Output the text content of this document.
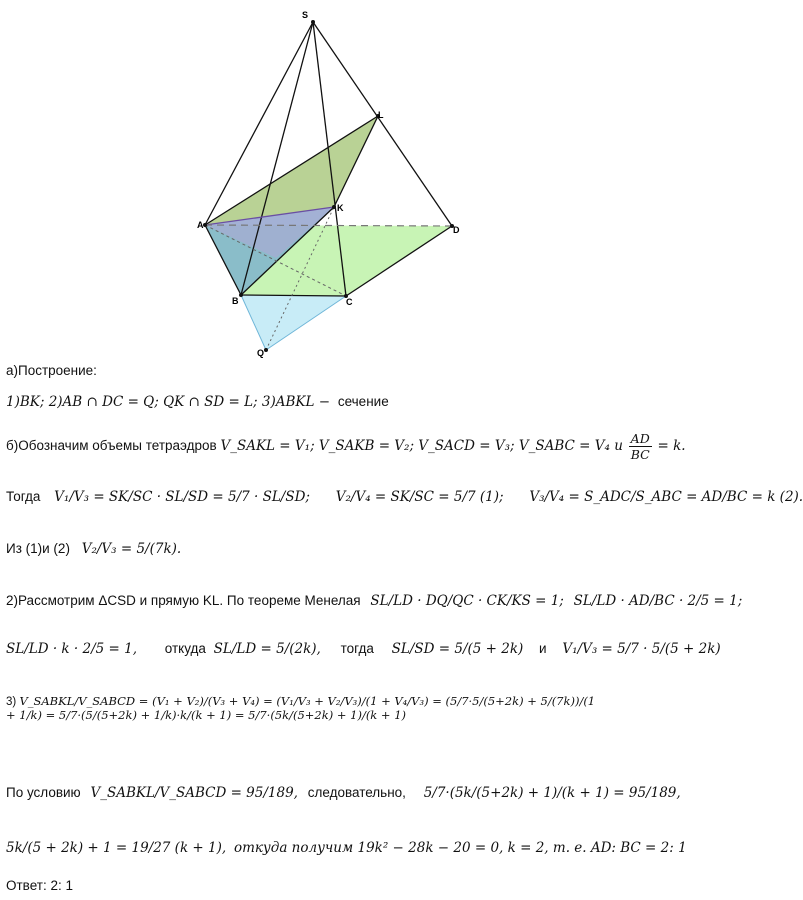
S
L
A
K
D
B	C
Q
а)Построение:
1)BK; 2)AB ∩ DC = Q; QK ∩ SD = L; 3)ABKL − сечение
б)Обозначим объемы тетраэдров V_SAKL = V₁; V_SAKB = V₂; V_SACD = V₃; V_SABC = V₄ и $\frac{AD}{BC} = k$.
Тогда V₁/V₃ = SK/SC · SL/SD = 5/7 · SL/SD; V₂/V₄ = SK/SC = 5/7 (1); V₃/V₄ = S_ADC/S_ABC = AD/BC = k (2).
Из (1)и (2) V₂/V₃ = 5/(7k).
2)Рассмотрим ΔCSD и прямую KL. По теореме Менелая SL/LD · DQ/QC · CK/KS = 1; SL/LD · AD/BC · 2/5 = 1;
SL/LD · k · 2/5 = 1, откуда SL/LD = 5/(2k), тогда SL/SD = 5/(5 + 2k) и V₁/V₃ = 5/7 · 5/(5 + 2k)
3) V_SABKL/V_SABCD = (V₁ + V₂)/(V₃ + V₄) = (V₁/V₃ + V₂/V₃)/(1 + V₄/V₃) = (5/7·5/(5+2k) + 5/(7k))/(1 + 1/k) = 5/7·(5/(5+2k) + 1/k)·k/(k + 1) = 5/7·(5k/(5+2k) + 1)/(k + 1)
По условию V_SABKL/V_SABCD = 95/189, следовательно, 5/7·(5k/(5+2k) + 1)/(k + 1) = 95/189,
5k/(5 + 2k) + 1 = 19/27 (k + 1), откуда получим 19k² − 28k − 20 = 0, k = 2, т. е. AD: BC = 2: 1
Ответ: 2: 1
